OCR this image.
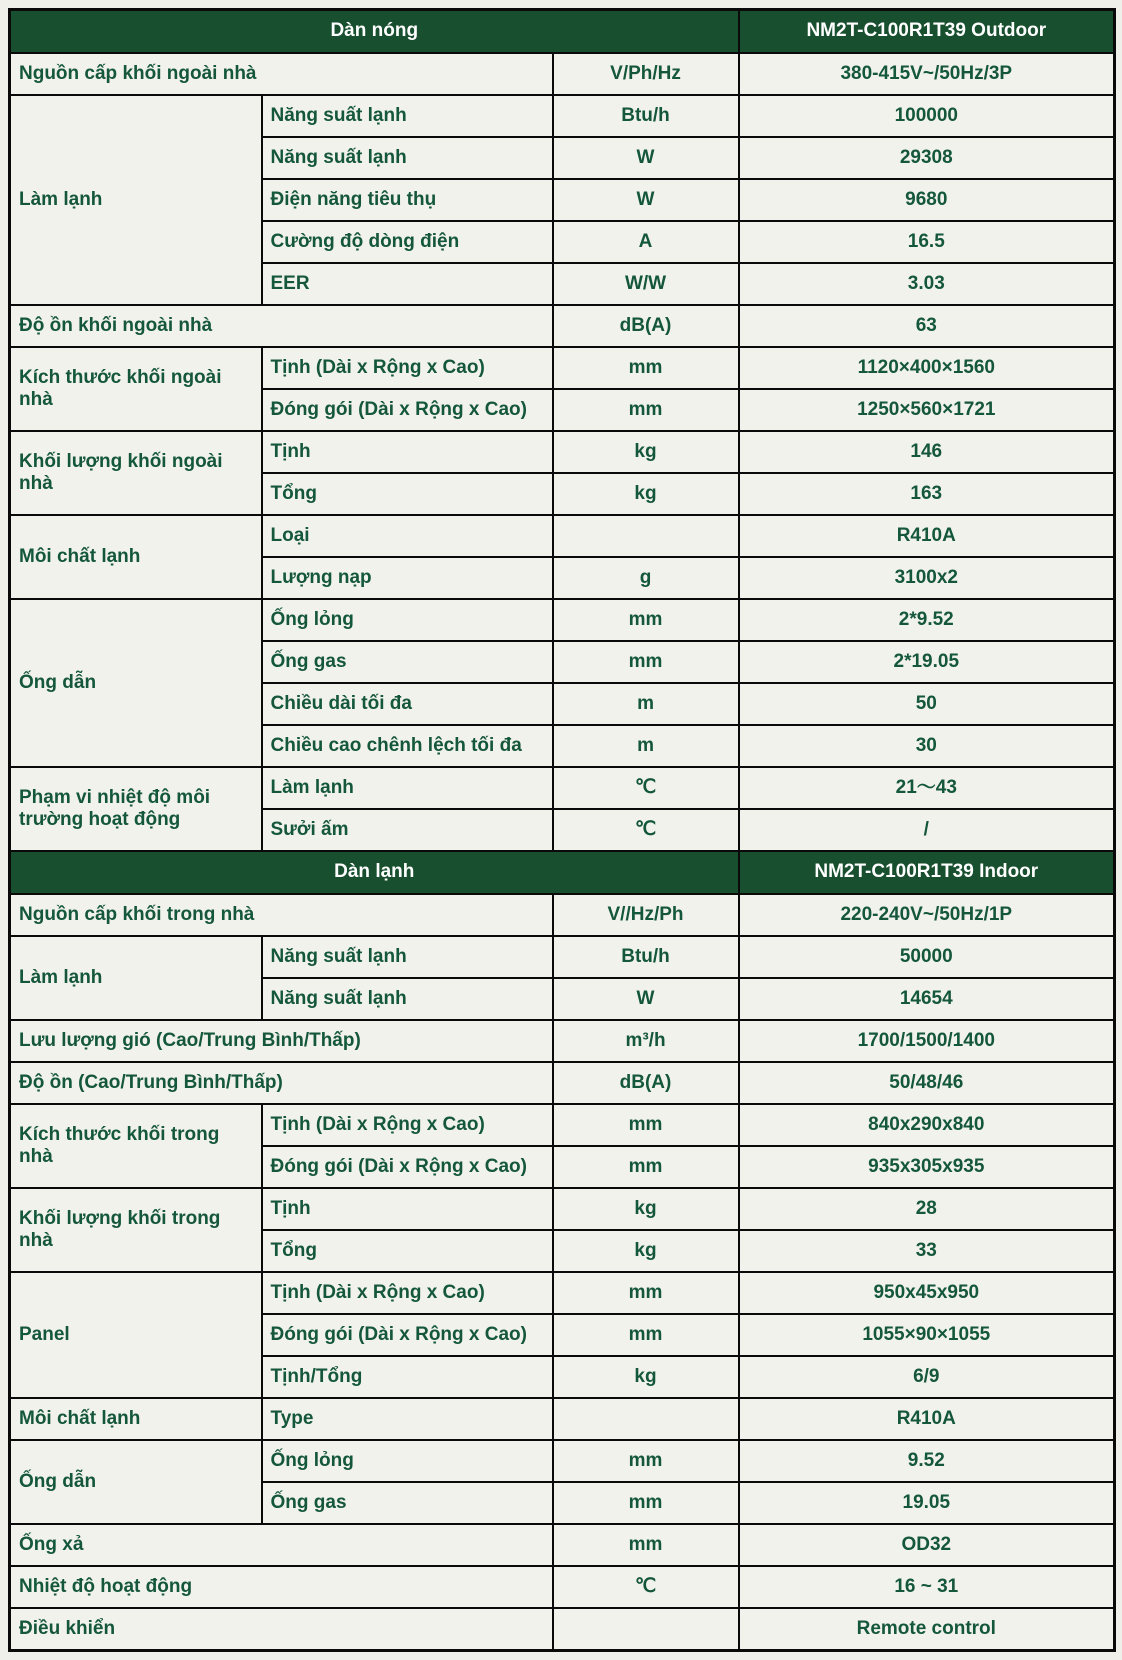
Dàn nóng			NM2T-C100R1T39 Outdoor
Nguồn cấp khối ngoài nhà		V/Ph/Hz	380-415V~/50Hz/3P
Làm lạnh	Năng suất lạnh	Btu/h	100000
	Năng suất lạnh	W	29308
	Điện năng tiêu thụ	W	9680
	Cường độ dòng điện	A	16.5
	EER	W/W	3.03
Độ ồn khối ngoài nhà		dB(A)	63
Kích thước khối ngoài nhà	Tịnh (Dài x Rộng x Cao)	mm	1120×400×1560
	Đóng gói (Dài x Rộng x Cao)	mm	1250×560×1721
Khối lượng khối ngoài nhà	Tịnh	kg	146
	Tổng	kg	163
Môi chất lạnh	Loại		R410A
	Lượng nạp	g	3100x2
Ống dẫn	Ống lỏng	mm	2*9.52
	Ống gas	mm	2*19.05
	Chiều dài tối đa	m	50
	Chiều cao chênh lệch tối đa	m	30
Phạm vi nhiệt độ môi trường hoạt động	Làm lạnh	℃	21～43
	Sưởi ấm	℃	/
Dàn lạnh			NM2T-C100R1T39 Indoor
Nguồn cấp khối trong nhà		V//Hz/Ph	220-240V~/50Hz/1P
Làm lạnh	Năng suất lạnh	Btu/h	50000
	Năng suất lạnh	W	14654
Lưu lượng gió (Cao/Trung Bình/Thấp)		m³/h	1700/1500/1400
Độ ồn (Cao/Trung Bình/Thấp)		dB(A)	50/48/46
Kích thước khối trong nhà	Tịnh (Dài x Rộng x Cao)	mm	840x290x840
	Đóng gói (Dài x Rộng x Cao)	mm	935x305x935
Khối lượng khối trong nhà	Tịnh	kg	28
	Tổng	kg	33
Panel	Tịnh (Dài x Rộng x Cao)	mm	950x45x950
	Đóng gói (Dài x Rộng x Cao)	mm	1055×90×1055
	Tịnh/Tổng	kg	6/9
Môi chất lạnh	Type		R410A
Ống dẫn	Ống lỏng	mm	9.52
	Ống gas	mm	19.05
Ống xả		mm	OD32
Nhiệt độ hoạt động		℃	16 ~ 31
Điều khiển			Remote control
